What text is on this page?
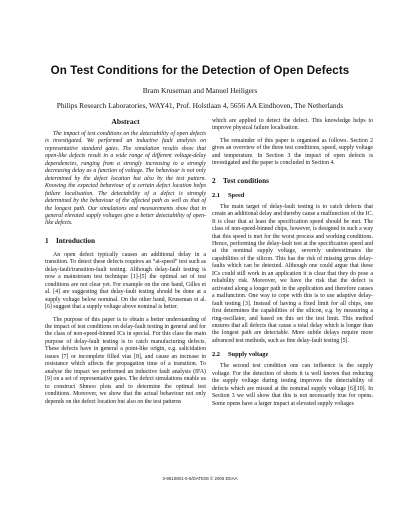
On Test Conditions for the Detection of Open Defects
Bram Kruseman and Manuel Heiligers
Philips Research Laboratories, WAY41, Prof. Holstlaan 4, 5656 AA Eindhoven, The Netherlands
Abstract

The impact of test conditions on the detectability of open defects is investigated. We performed an inductive fault analysis on representative standard gates. The simulation results show that open-like defects result in a wide range of different voltage-delay dependencies, ranging from a strongly increasing to a strongly decreasing delay as a function of voltage. The behaviour is not only determined by the defect location but also by the test pattern. Knowing the expected behaviour of a certain defect location helps failure localisation. The detectability of a defect is strongly determined by the behaviour of the affected path as well as that of the longest path. Our simulations and measurements show that in general elevated supply voltages give a better detectability of open-like defects.

1 Introduction

An open defect typically causes an additional delay in a transition. To detect these defects requires an “at-speed” test such as delay-fault/transition-fault testing. Although delay-fault testing is now a mainstream test technique [1]-[5] the optimal set of test conditions are not clear yet. For example on the one hand, Gilles et al. [4] are suggesting that delay-fault testing should be done at a supply voltage below nominal. On the other hand, Kruseman et al. [6] suggest that a supply voltage above nominal is better.

The purpose of this paper is to obtain a better understanding of the impact of test conditions on delay-fault testing in general and for the class of non-speed-binned ICs in special. For this class the main purpose of delay-fault testing is to catch manufacturing defects. These defects have in general a point-like origin, e.g. salicidation issues [7] or incomplete filled vias [8], and cause an increase in resistance which affects the propagation time of a transition. To analyse the impact we performed an inductive fault analysis (IFA) [9] on a set of representative gates. The defect simulations enable us to construct Shmoo plots and to determine the optimal test conditions. Moreover, we show that the actual behaviour not only depends on the defect location but also on the test patterns

which are applied to detect the defect. This knowledge helps to improve physical failure localisation.

The remainder of this paper is organised as follows. Section 2 gives an overview of the three test conditions, speed, supply voltage and temperature. In Section 3 the impact of open defects is investigated and the paper is concluded in Section 4.

2 Test conditions
2.1 Speed

The main target of delay-fault testing is to catch defects that create an additional delay and thereby cause a malfunction of the IC. It is clear that at least the specification speed should be met. The class of non-speed-binned chips, however, is designed in such a way that this speed is met for the worst process and working conditions. Hence, performing the delay-fault test at the specification speed and at the nominal supply voltage, severely underestimates the capabilities of the silicon. This has the risk of missing gross delay-faults which can be detected. Although one could argue that these ICs could still work in an application it is clear that they do pose a reliability risk. Moreover, we have the risk that the defect is activated along a longer path in the application and therefore causes a malfunction. One way to cope with this is to use adaptive delay-fault testing [3]. Instead of having a fixed limit for all chips, one first determines the capabilities of the silicon, e.g. by measuring a ring-oscillator, and based on this set the test limit. This method ensures that all defects that cause a total delay which is longer than the longest path are detectable. More subtle delays require more advanced test methods, such as fine delay-fault testing [5].

2.2 Supply voltage

The second test condition one can influence is the supply voltage. For the detection of shorts it is well known that reducing the supply voltage during testing improves the detectability of defects which are missed at the nominal supply voltage [6][10]. In Section 3 we will show that this is not necessarily true for opens. Some opens have a larger impact at elevated supply voltages

3-9810801-0-6/DATE06 © 2006 EDAA
